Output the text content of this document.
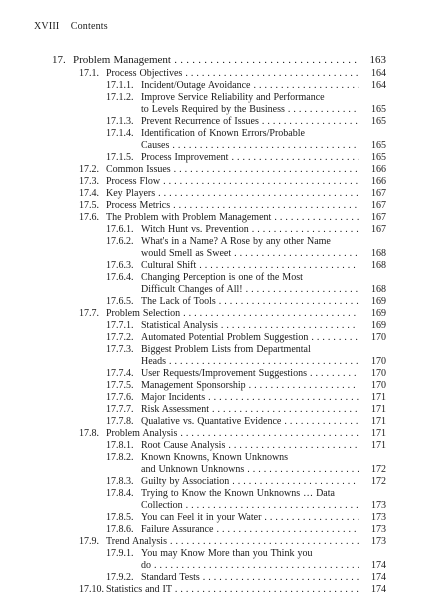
XVIII Contents
17. Problem Management . . .	163
17.1. Process Objectives . . .	164
17.1.1. Incident/Outage Avoidance . . .	164
17.1.2. Improve Service Reliability and Performance
to Levels Required by the Business . . .	165
17.1.3. Prevent Recurrence of Issues . . .	165
17.1.4. Identification of Known Errors/Probable
Causes . . .	165
17.1.5. Process Improvement . . .	165
17.2. Common Issues . . .	166
17.3. Process Flow . . .	166
17.4. Key Players . . .	167
17.5. Process Metrics . . .	167
17.6. The Problem with Problem Management . . .	167
17.6.1. Witch Hunt vs. Prevention . . .	167
17.6.2. What's in a Name? A Rose by any other Name
would Smell as Sweet . . .	168
17.6.3. Cultural Shift . . .	168
17.6.4. Changing Perception is one of the Most
Difficult Changes of All! . . .	168
17.6.5. The Lack of Tools . . .	169
17.7. Problem Selection . . .	169
17.7.1. Statistical Analysis . . .	169
17.7.2. Automated Potential Problem Suggestion . . .	170
17.7.3. Biggest Problem Lists from Departmental
Heads . . .	170
17.7.4. User Requests/Improvement Suggestions . . .	170
17.7.5. Management Sponsorship . . .	170
17.7.6. Major Incidents . . .	171
17.7.7. Risk Assessment . . .	171
17.7.8. Qualative vs. Quantative Evidence . . .	171
17.8. Problem Analysis . . .	171
17.8.1. Root Cause Analysis . . .	171
17.8.2. Known Knowns, Known Unknowns
and Unknown Unknowns . . .	172
17.8.3. Guilty by Association . . .	172
17.8.4. Trying to Know the Known Unknowns … Data
Collection . . .	173
17.8.5. You can Feel it in your Water . . .	173
17.8.6. Failure Assurance . . .	173
17.9. Trend Analysis . . .	173
17.9.1. You may Know More than you Think you
do . . .	174
17.9.2. Standard Tests . . .	174
17.10. Statistics and IT . . .	174
